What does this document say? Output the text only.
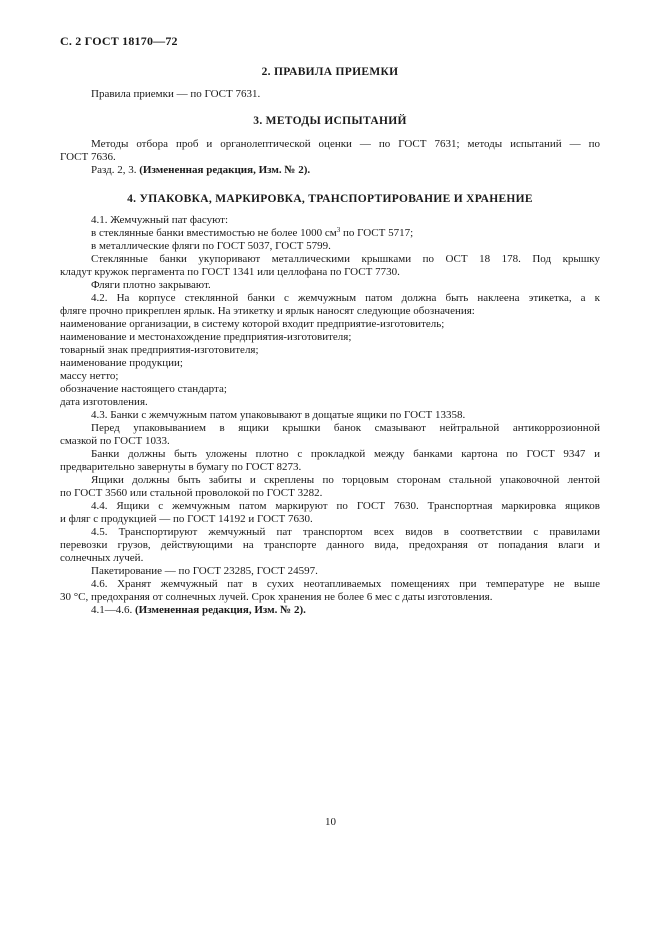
С. 2 ГОСТ 18170—72
2. ПРАВИЛА ПРИЕМКИ
Правила приемки — по ГОСТ 7631.
3. МЕТОДЫ ИСПЫТАНИЙ
Методы отбора проб и органолептической оценки — по ГОСТ 7631; методы испытаний — по
ГОСТ 7636.
Разд. 2, 3. (Измененная редакция, Изм. № 2).
4. УПАКОВКА, МАРКИРОВКА, ТРАНСПОРТИРОВАНИЕ И ХРАНЕНИЕ
4.1. Жемчужный пат фасуют:
в стеклянные банки вместимостью не более 1000 $см^3$ по ГОСТ 5717;
в металлические фляги по ГОСТ 5037, ГОСТ 5799.
Стеклянные банки укупоривают металлическими крышками по ОСТ 18 178. Под крышку
кладут кружок пергамента по ГОСТ 1341 или целлофана по ГОСТ 7730.
Фляги плотно закрывают.
4.2. На корпусе стеклянной банки с жемчужным патом должна быть наклеена этикетка, а к
фляге прочно прикреплен ярлык. На этикетку и ярлык наносят следующие обозначения:
наименование организации, в систему которой входит предприятие-изготовитель;
наименование и местонахождение предприятия-изготовителя;
товарный знак предприятия-изготовителя;
наименование продукции;
массу нетто;
обозначение настоящего стандарта;
дата изготовления.
4.3. Банки с жемчужным патом упаковывают в дощатые ящики по ГОСТ 13358.
Перед упаковыванием в ящики крышки банок смазывают нейтральной антикоррозионной
смазкой по ГОСТ 1033.
Банки должны быть уложены плотно с прокладкой между банками картона по ГОСТ 9347 и
предварительно завернуты в бумагу по ГОСТ 8273.
Ящики должны быть забиты и скреплены по торцовым сторонам стальной упаковочной лентой
по ГОСТ 3560 или стальной проволокой по ГОСТ 3282.
4.4. Ящики с жемчужным патом маркируют по ГОСТ 7630. Транспортная маркировка ящиков
и фляг с продукцией — по ГОСТ 14192 и ГОСТ 7630.
4.5. Транспортируют жемчужный пат транспортом всех видов в соответствии с правилами
перевозки грузов, действующими на транспорте данного вида, предохраняя от попадания влаги и
солнечных лучей.
Пакетирование — по ГОСТ 23285, ГОСТ 24597.
4.6. Хранят жемчужный пат в сухих неотапливаемых помещениях при температуре не выше
30 °С, предохраняя от солнечных лучей. Срок хранения не более 6 мес с даты изготовления.
4.1—4.6. (Измененная редакция, Изм. № 2).
10
